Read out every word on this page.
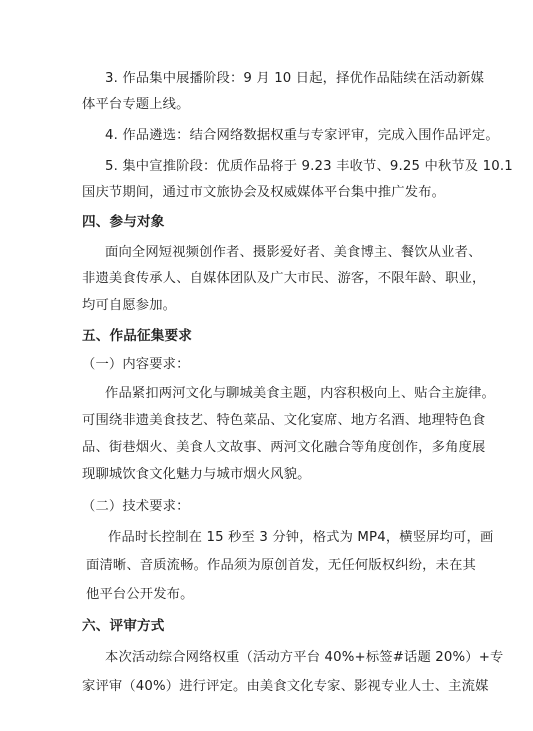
3. 作品集中展播阶段：9 月 10 日起，择优作品陆续在活动新媒
体平台专题上线。
4. 作品遴选：结合网络数据权重与专家评审，完成入围作品评定。
5. 集中宣推阶段：优质作品将于 9.23 丰收节、9.25 中秋节及 10.1
国庆节期间，通过市文旅协会及权威媒体平台集中推广发布。
四、参与对象
面向全网短视频创作者、摄影爱好者、美食博主、餐饮从业者、
非遗美食传承人、自媒体团队及广大市民、游客，不限年龄、职业，
均可自愿参加。
五、作品征集要求
（一）内容要求：
作品紧扣两河文化与聊城美食主题，内容积极向上、贴合主旋律。
可围绕非遗美食技艺、特色菜品、文化宴席、地方名酒、地理特色食
品、街巷烟火、美食人文故事、两河文化融合等角度创作，多角度展
现聊城饮食文化魅力与城市烟火风貌。
（二）技术要求：
作品时长控制在 15 秒至 3 分钟，格式为 MP4，横竖屏均可，画
面清晰、音质流畅。作品须为原创首发，无任何版权纠纷，未在其
他平台公开发布。
六、评审方式
本次活动综合网络权重（活动方平台 40%+标签#话题 20%）+专
家评审（40%）进行评定。由美食文化专家、影视专业人士、主流媒
